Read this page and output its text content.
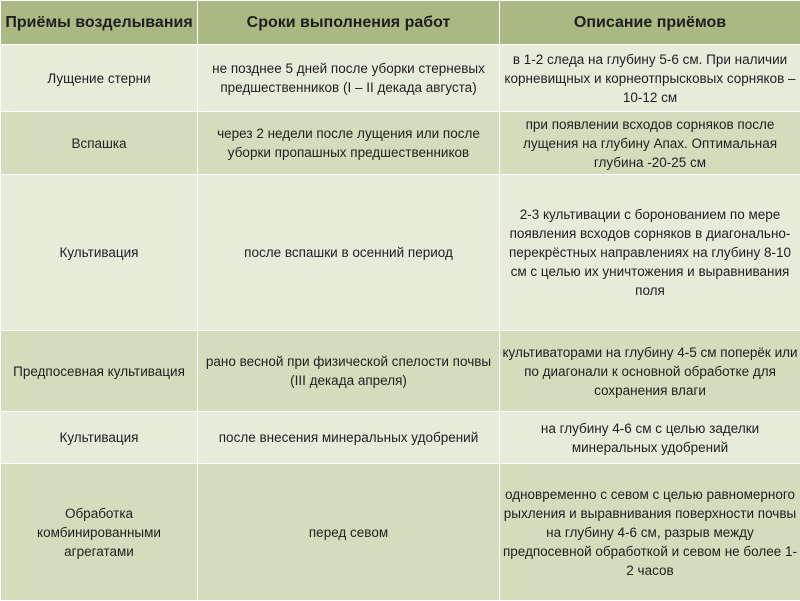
Приёмы возделывания	Сроки выполнения работ	Описание приёмов
Лущение стерни	не позднее 5 дней после уборки стерневых предшественников (I – II декада августа)	в 1-2 следа на глубину 5-6 см. При наличии корневищных и корнеотпрысковых сорняков – 10-12 см
Вспашка	через 2 недели после лущения или после уборки пропашных предшественников	при появлении всходов сорняков после лущения на глубину Апах. Оптимальная глубина -20-25 см
Культивация	после вспашки в осенний период	2-3 культивации с боронованием по мере появления всходов сорняков в диагонально-перекрёстных направлениях на глубину 8-10 см с целью их уничтожения и выравнивания поля
Предпосевная культивация	рано весной при физической спелости почвы (III декада апреля)	культиваторами на глубину 4-5 см поперёк или по диагонали к основной обработке для сохранения влаги
Культивация	после внесения минеральных удобрений	на глубину 4-6 см с целью заделки минеральных удобрений
Обработка комбинированными агрегатами	перед севом	одновременно с севом с целью равномерного рыхления и выравнивания поверхности почвы на глубину 4-6 см, разрыв между предпосевной обработкой и севом не более 1-2 часов
